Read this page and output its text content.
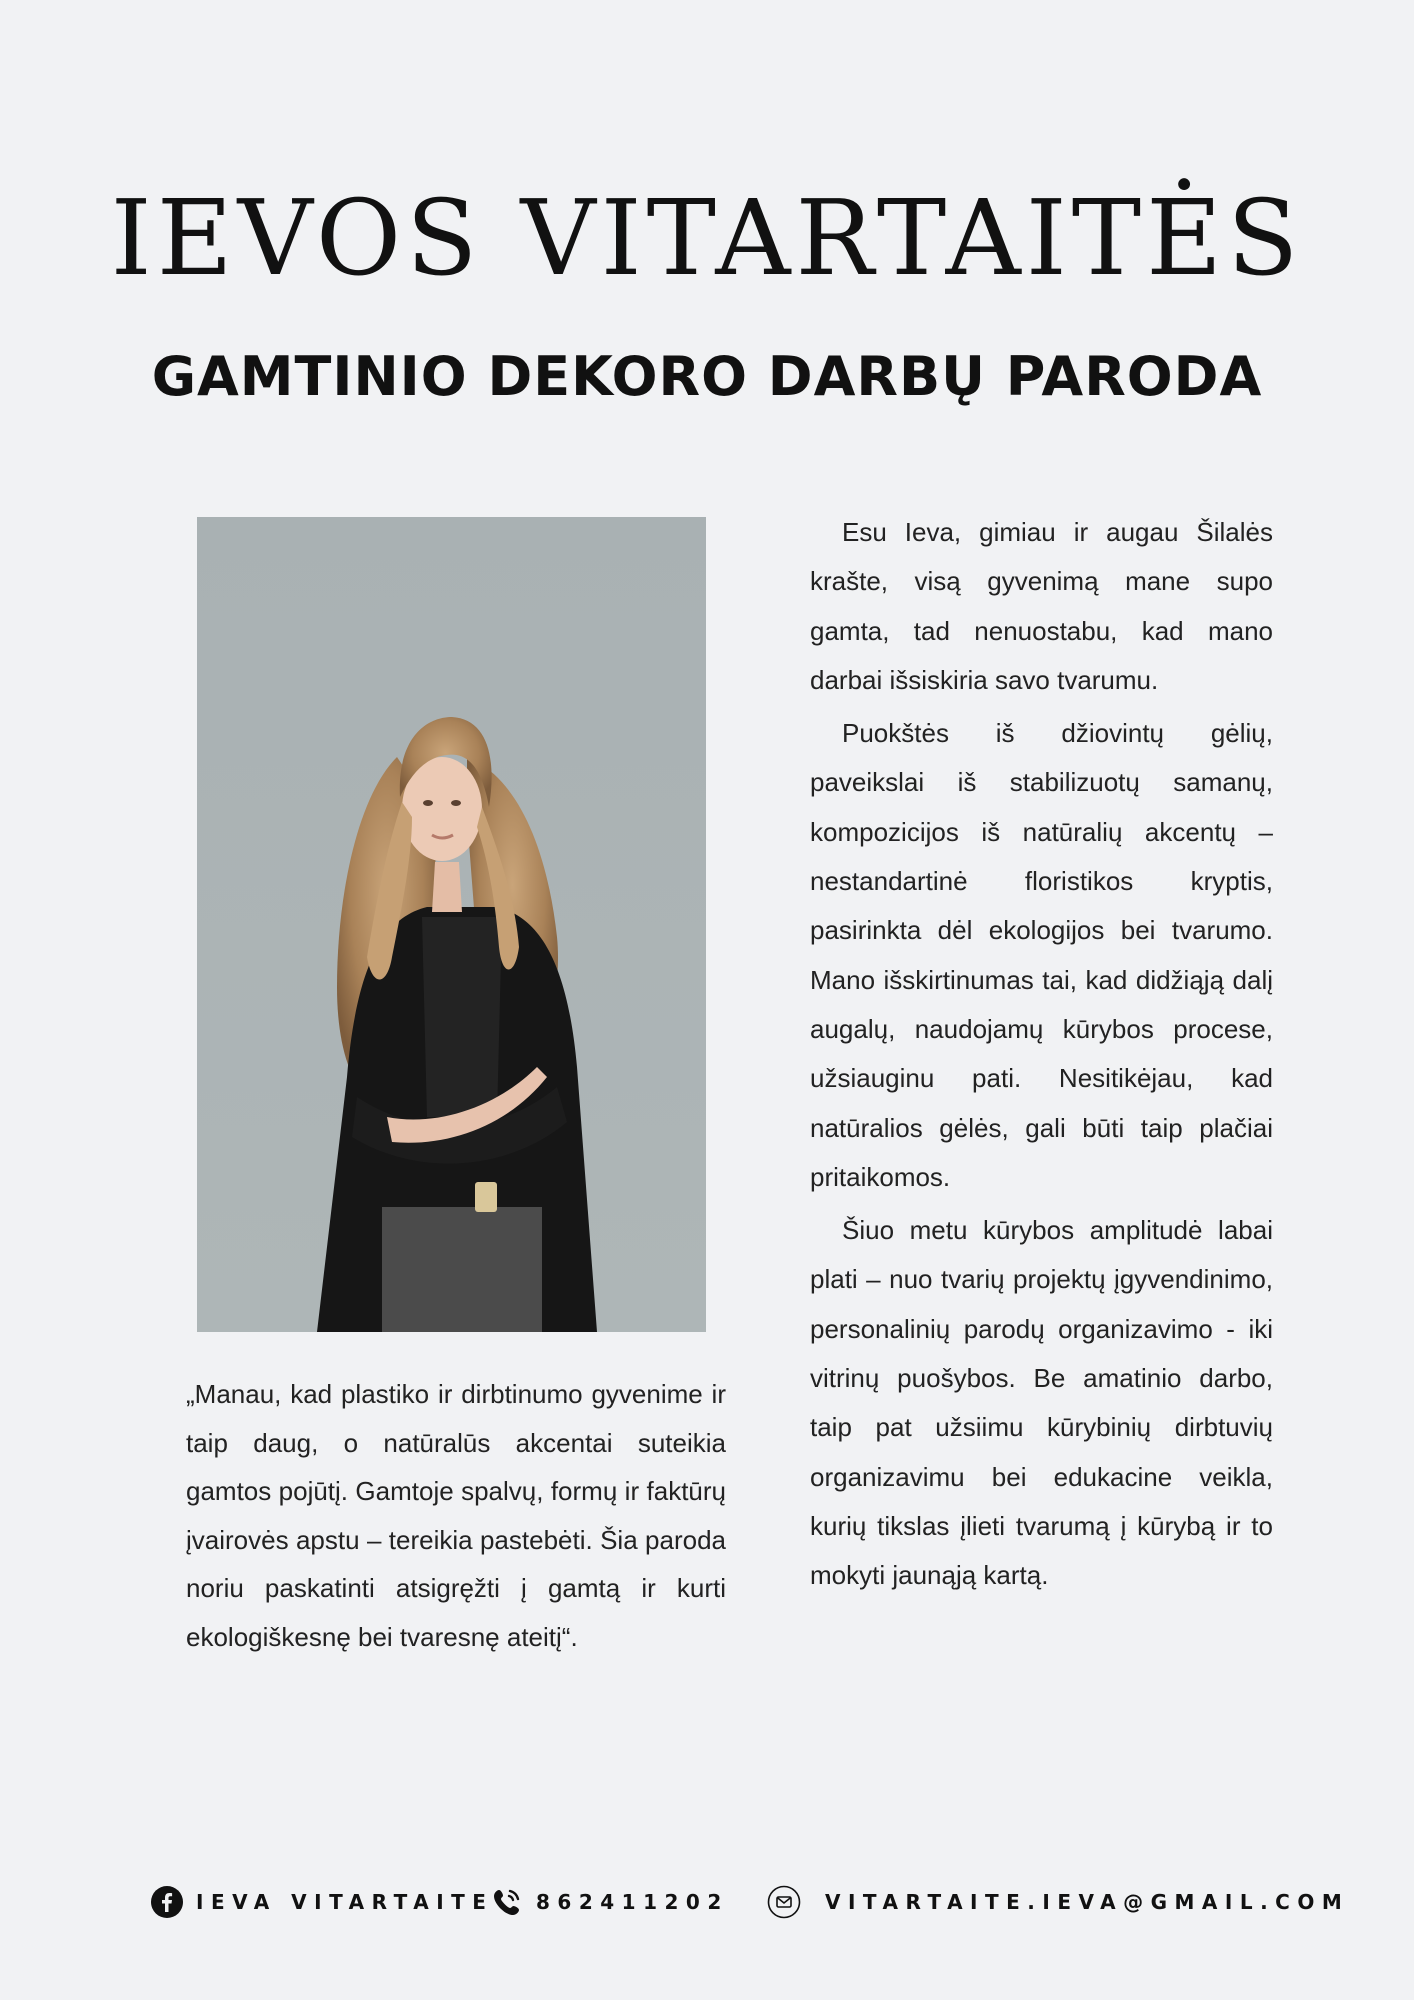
IEVOS VITARTAITĖS
GAMTINIO DEKORO DARBŲ PARODA

„Manau, kad plastiko ir dirbtinumo gyvenime ir taip daug, o natūralūs akcentai suteikia gamtos pojūtį. Gamtoje spalvų, formų ir faktūrų įvairovės apstu – tereikia pastebėti. Šia paroda noriu paskatinti atsigręžti į gamtą ir kurti ekologiškesnę bei tvaresnę ateitį“.

Esu Ieva, gimiau ir augau Šilalės krašte, visą gyvenimą mane supo gamta, tad nenuostabu, kad mano darbai išsiskiria savo tvarumu.

Puokštės iš džiovintų gėlių, paveikslai iš stabilizuotų samanų, kompozicijos iš natūralių akcentų – nestandartinė floristikos kryptis, pasirinkta dėl ekologijos bei tvarumo. Mano išskirtinumas tai, kad didžiąją dalį augalų, naudojamų kūrybos procese, užsiauginu pati. Nesitikėjau, kad natūralios gėlės, gali būti taip plačiai pritaikomos.

Šiuo metu kūrybos amplitudė labai plati – nuo tvarių projektų įgyvendinimo, personalinių parodų organizavimo - iki vitrinų puošybos. Be amatinio darbo, taip pat užsiimu kūrybinių dirbtuvių organizavimu bei edukacine veikla, kurių tikslas įlieti tvarumą į kūrybą ir to mokyti jaunąją kartą.

IEVA VITARTAITE 862411202	VITARTAITE.IEVA@GMAIL.COM
